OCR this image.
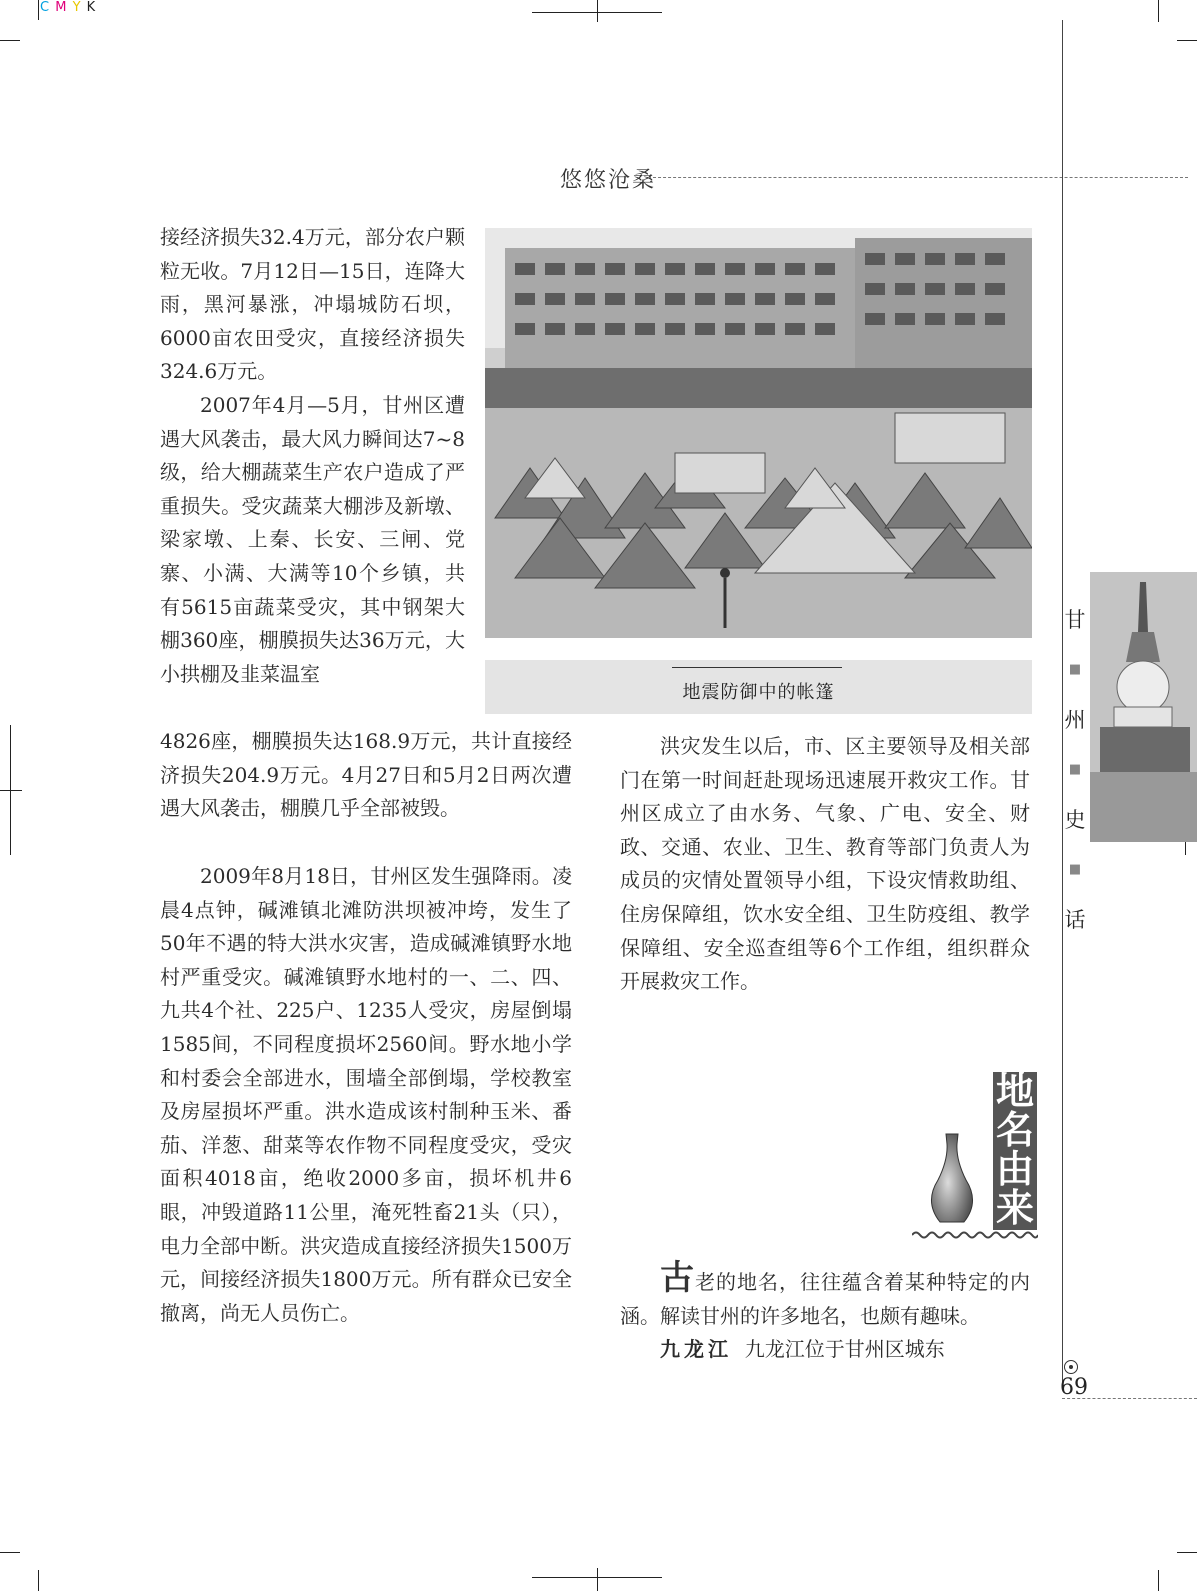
C M Y K
悠悠沧桑

接经济损失32.4万元，部分农户颗粒无收。7月12日—15日，连降大雨，黑河暴涨，冲塌城防石坝，6000亩农田受灾，直接经济损失324.6万元。

2007年4月—5月，甘州区遭遇大风袭击，最大风力瞬间达7~8级，给大棚蔬菜生产农户造成了严重损失。受灾蔬菜大棚涉及新墩、梁家墩、上秦、长安、三闸、党寨、小满、大满等10个乡镇，共有5615亩蔬菜受灾，其中钢架大棚360座，棚膜损失达36万元，大小拱棚及韭菜温室

4826座，棚膜损失达168.9万元，共计直接经济损失204.9万元。4月27日和5月2日两次遭遇大风袭击，棚膜几乎全部被毁。

2009年8月18日，甘州区发生强降雨。凌晨4点钟，碱滩镇北滩防洪坝被冲垮，发生了50年不遇的特大洪水灾害，造成碱滩镇野水地村严重受灾。碱滩镇野水地村的一、二、四、九共4个社、225户、1235人受灾，房屋倒塌1585间，不同程度损坏2560间。野水地小学和村委会全部进水，围墙全部倒塌，学校教室及房屋损坏严重。洪水造成该村制种玉米、番茄、洋葱、甜菜等农作物不同程度受灾，受灾面积4018亩，绝收2000多亩，损坏机井6眼，冲毁道路11公里，淹死牲畜21头（只），电力全部中断。洪灾造成直接经济损失1500万元，间接经济损失1800万元。所有群众已安全撤离，尚无人员伤亡。

地震防御中的帐篷

洪灾发生以后，市、区主要领导及相关部门在第一时间赶赴现场迅速展开救灾工作。甘州区成立了由水务、气象、广电、安全、财政、交通、农业、卫生、教育等部门负责人为成员的灾情处置领导小组，下设灾情救助组、住房保障组，饮水安全组、卫生防疫组、教学保障组、安全巡查组等6个工作组，组织群众开展救灾工作。

地
名
由
来

古老的地名，往往蕴含着某种特定的内涵。解读甘州的许多地名，也颇有趣味。

九龙江 九龙江位于甘州区城东

甘
■
州
■
史
■
话
69
